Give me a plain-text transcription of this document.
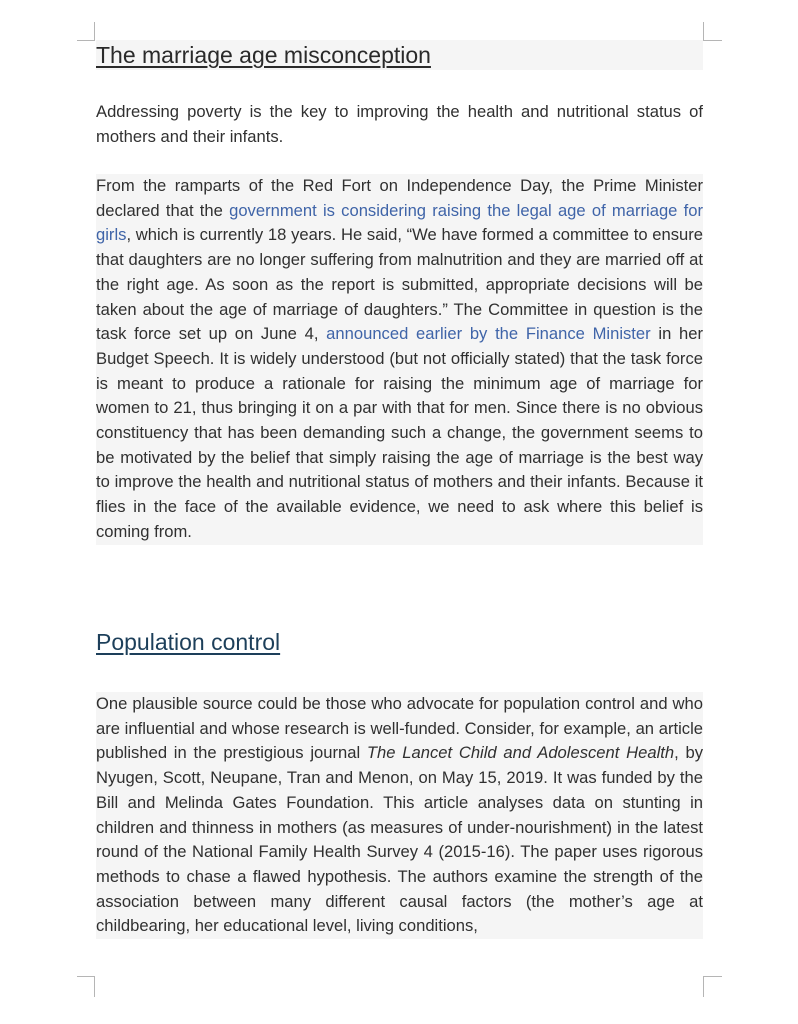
The marriage age misconception

Addressing poverty is the key to improving the health and nutritional status of mothers and their infants.

From the ramparts of the Red Fort on Independence Day, the Prime Minister declared that the government is considering raising the legal age of marriage for girls, which is currently 18 years. He said, “We have formed a committee to ensure that daughters are no longer suffering from malnutrition and they are married off at the right age. As soon as the report is submitted, appropriate decisions will be taken about the age of marriage of daughters.” The Committee in question is the task force set up on June 4, announced earlier by the Finance Minister in her Budget Speech. It is widely understood (but not officially stated) that the task force is meant to produce a rationale for raising the minimum age of marriage for women to 21, thus bringing it on a par with that for men. Since there is no obvious constituency that has been demanding such a change, the government seems to be motivated by the belief that simply raising the age of marriage is the best way to improve the health and nutritional status of mothers and their infants. Because it flies in the face of the available evidence, we need to ask where this belief is coming from.

Population control

One plausible source could be those who advocate for population control and who are influential and whose research is well-funded. Consider, for example, an article published in the prestigious journal The Lancet Child and Adolescent Health, by Nyugen, Scott, Neupane, Tran and Menon, on May 15, 2019. It was funded by the Bill and Melinda Gates Foundation. This article analyses data on stunting in children and thinness in mothers (as measures of under-nourishment) in the latest round of the National Family Health Survey 4 (2015-16). The paper uses rigorous methods to chase a flawed hypothesis. The authors examine the strength of the association between many different causal factors (the mother’s age at childbearing, her educational level, living conditions,
